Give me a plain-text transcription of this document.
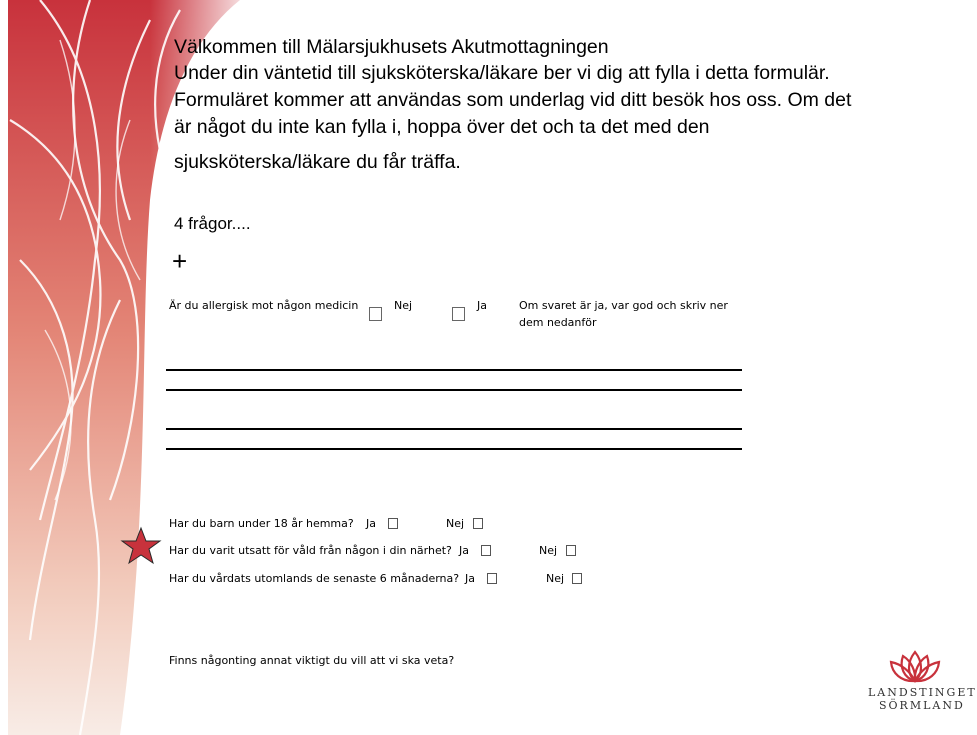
Välkommen till Mälarsjukhusets Akutmottagningen
Under din väntetid till sjuksköterska/läkare ber vi dig att fylla i detta formulär.
Formuläret kommer att användas som underlag vid ditt besök hos oss. Om det
är något du inte kan fylla i, hoppa över det och ta det med den
sjuksköterska/läkare du får träffa.
4 frågor....
+
Är du allergisk mot någon medicin	Nej	Ja	Om svaret är ja, var god och skriv ner
dem nedanför
Har du barn under 18 år hemma? Ja	Nej
Har du varit utsatt för våld från någon i din närhet? Ja	Nej
Har du vårdats utomlands de senaste 6 månaderna? Ja	Nej
Finns någonting annat viktigt du vill att vi ska veta?
LANDSTINGET
SÖRMLAND
